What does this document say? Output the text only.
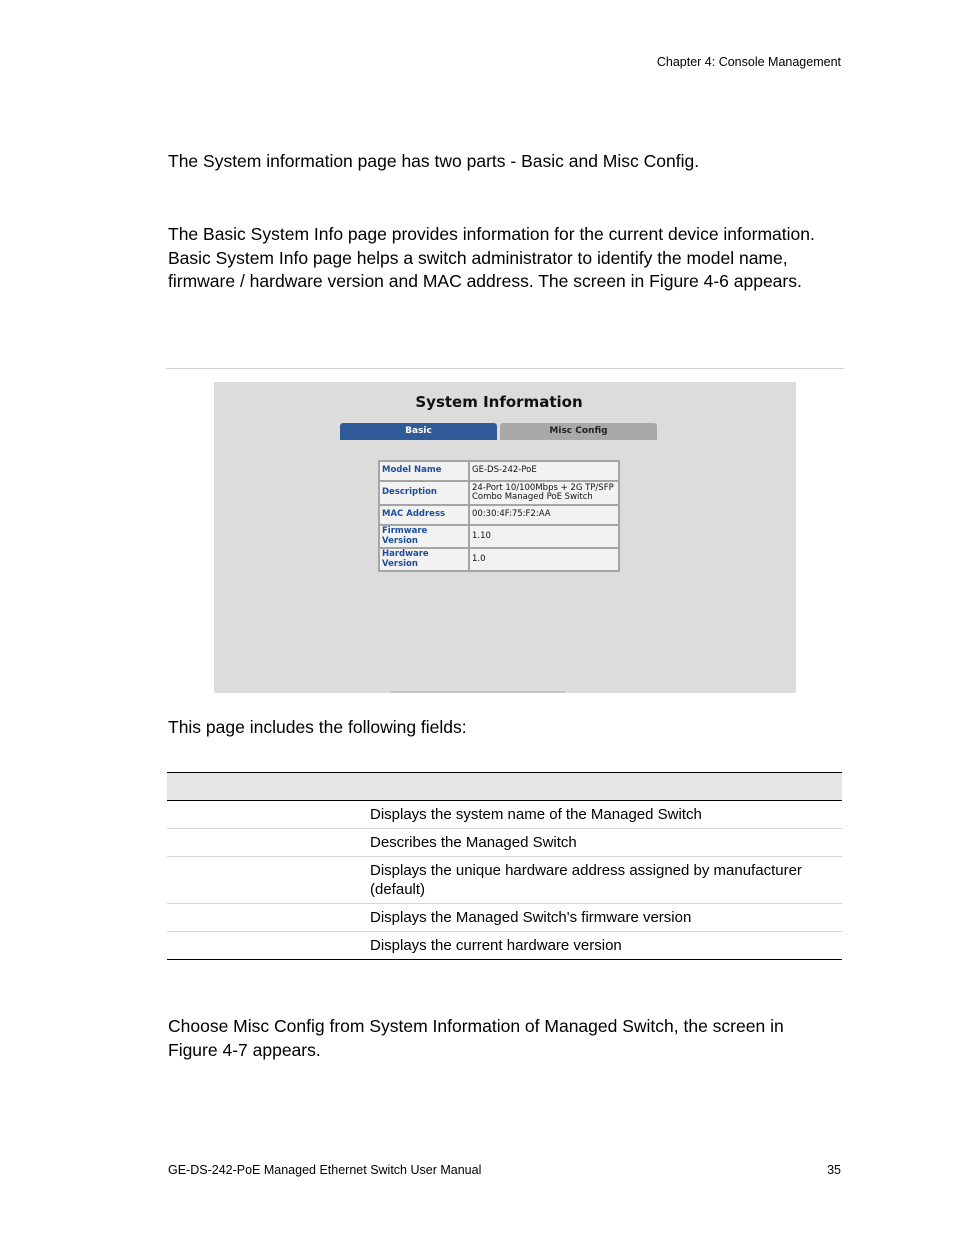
Chapter 4: Console Management

The System information page has two parts - Basic and Misc Config.

The Basic System Info page provides information for the current device information. Basic System Info page helps a switch administrator to identify the model name, firmware / hardware version and MAC address. The screen in Figure 4-6 appears.

System Information
Basic	Misc Config
Model Name	GE-DS-242-PoE
Description	24-Port 10/100Mbps + 2G TP/SFP
Combo Managed PoE Switch

MAC Address	00:30:4F:75:F2:AA
Firmware Version	1.10
Hardware Version	1.0

This page includes the following fields:

	Displays the system name of the Managed Switch
	Describes the Managed Switch

	Displays the unique hardware address assigned by manufacturer
(default)

	Displays the Managed Switch's firmware version
	Displays the current hardware version

Choose Misc Config from System Information of Managed Switch, the screen in Figure 4-7 appears.

GE-DS-242-PoE Managed Ethernet Switch User Manual	35
